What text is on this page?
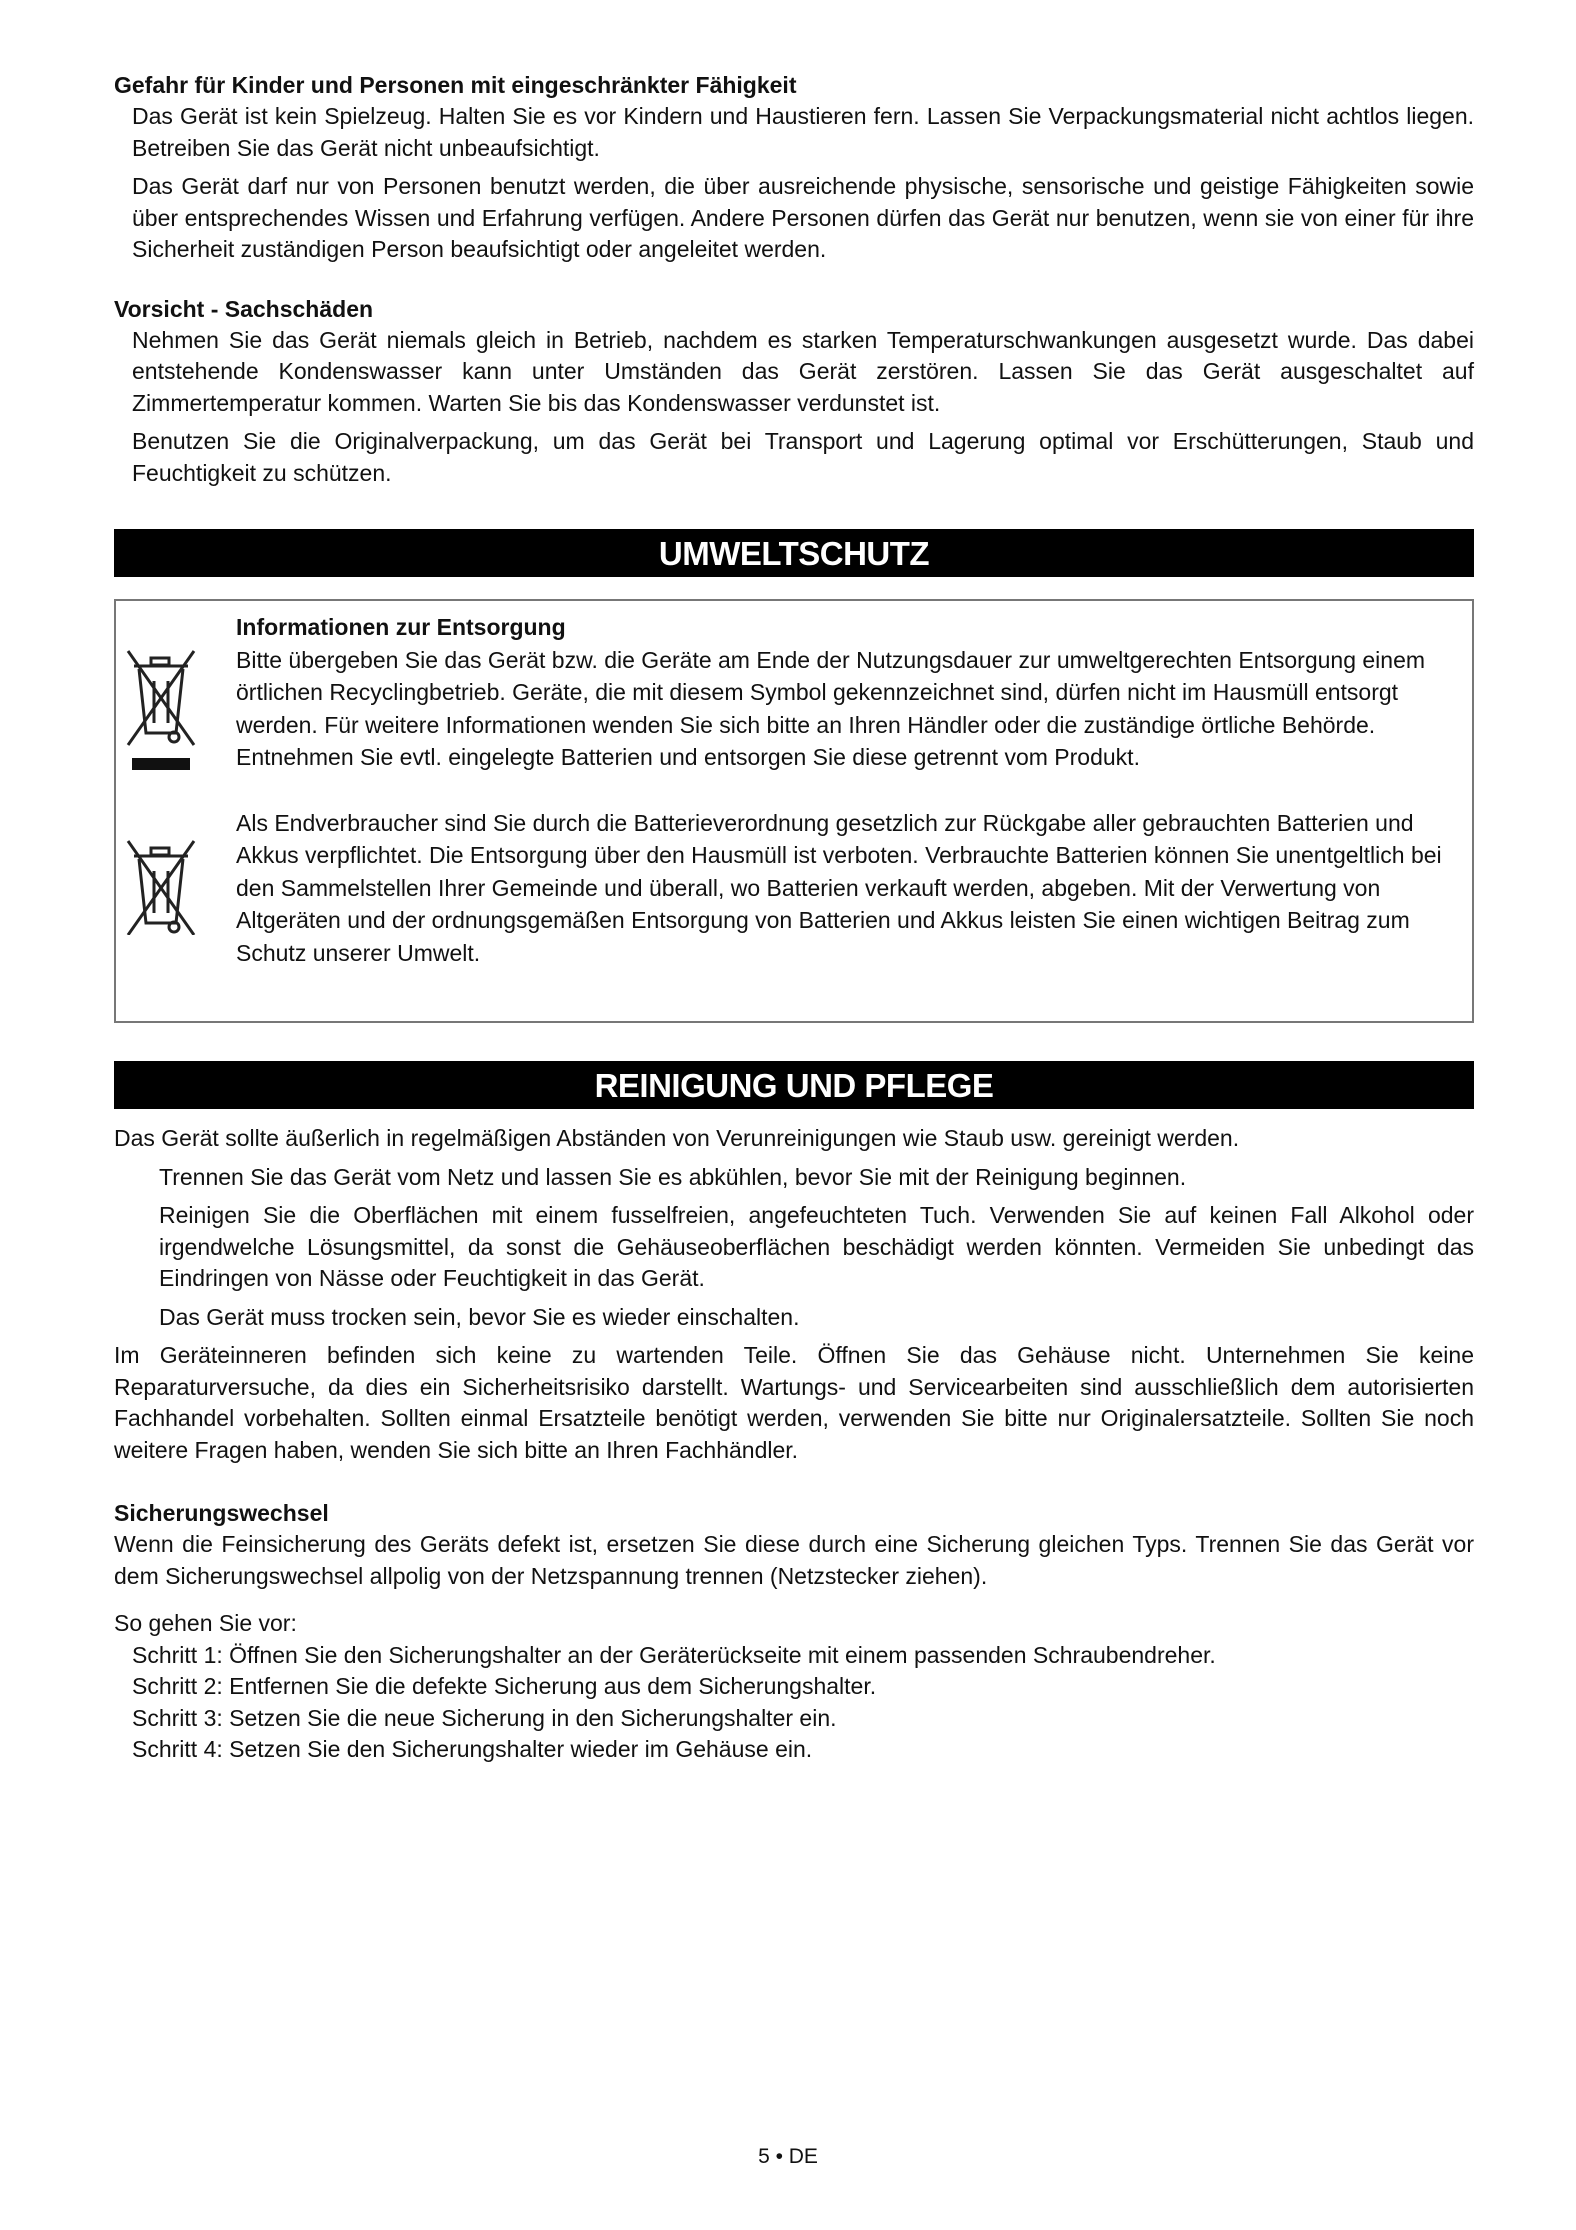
Gefahr für Kinder und Personen mit eingeschränkter Fähigkeit

Das Gerät ist kein Spielzeug. Halten Sie es vor Kindern und Haustieren fern. Lassen Sie Verpackungsmaterial nicht achtlos liegen. Betreiben Sie das Gerät nicht unbeaufsichtigt.

Das Gerät darf nur von Personen benutzt werden, die über ausreichende physische, sensorische und geistige Fähigkeiten sowie über entsprechendes Wissen und Erfahrung verfügen. Andere Personen dürfen das Gerät nur benutzen, wenn sie von einer für ihre Sicherheit zuständigen Person beaufsichtigt oder angeleitet werden.

Vorsicht - Sachschäden

Nehmen Sie das Gerät niemals gleich in Betrieb, nachdem es starken Temperaturschwankungen ausgesetzt wurde. Das dabei entstehende Kondenswasser kann unter Umständen das Gerät zerstören. Lassen Sie das Gerät ausgeschaltet auf Zimmertemperatur kommen. Warten Sie bis das Kondenswasser verdunstet ist.

Benutzen Sie die Originalverpackung, um das Gerät bei Transport und Lagerung optimal vor Erschütterungen, Staub und Feuchtigkeit zu schützen.

UMWELTSCHUTZ

Informationen zur Entsorgung

Bitte übergeben Sie das Gerät bzw. die Geräte am Ende der Nutzungsdauer zur umweltgerechten Entsorgung einem örtlichen Recyclingbetrieb. Geräte, die mit diesem Symbol gekennzeichnet sind, dürfen nicht im Hausmüll entsorgt werden. Für weitere Informationen wenden Sie sich bitte an Ihren Händler oder die zuständige örtliche Behörde. Entnehmen Sie evtl. eingelegte Batterien und entsorgen Sie diese getrennt vom Produkt.

Als Endverbraucher sind Sie durch die Batterieverordnung gesetzlich zur Rückgabe aller gebrauchten Batterien und Akkus verpflichtet. Die Entsorgung über den Hausmüll ist verboten. Verbrauchte Batterien können Sie unentgeltlich bei den Sammelstellen Ihrer Gemeinde und überall, wo Batterien verkauft werden, abgeben. Mit der Verwertung von Altgeräten und der ordnungsgemäßen Entsorgung von Batterien und Akkus leisten Sie einen wichtigen Beitrag zum Schutz unserer Umwelt.

REINIGUNG UND PFLEGE

Das Gerät sollte äußerlich in regelmäßigen Abständen von Verunreinigungen wie Staub usw. gereinigt werden.

Trennen Sie das Gerät vom Netz und lassen Sie es abkühlen, bevor Sie mit der Reinigung beginnen.

Reinigen Sie die Oberflächen mit einem fusselfreien, angefeuchteten Tuch. Verwenden Sie auf keinen Fall Alkohol oder irgendwelche Lösungsmittel, da sonst die Gehäuseoberflächen beschädigt werden könnten. Vermeiden Sie unbedingt das Eindringen von Nässe oder Feuchtigkeit in das Gerät.

Das Gerät muss trocken sein, bevor Sie es wieder einschalten.

Im Geräteinneren befinden sich keine zu wartenden Teile. Öffnen Sie das Gehäuse nicht. Unternehmen Sie keine Reparaturversuche, da dies ein Sicherheitsrisiko darstellt. Wartungs- und Servicearbeiten sind ausschließlich dem autorisierten Fachhandel vorbehalten. Sollten einmal Ersatzteile benötigt werden, verwenden Sie bitte nur Originalersatzteile. Sollten Sie noch weitere Fragen haben, wenden Sie sich bitte an Ihren Fachhändler.

Sicherungswechsel

Wenn die Feinsicherung des Geräts defekt ist, ersetzen Sie diese durch eine Sicherung gleichen Typs. Trennen Sie das Gerät vor dem Sicherungswechsel allpolig von der Netzspannung trennen (Netzstecker ziehen).

So gehen Sie vor:

Schritt 1: Öffnen Sie den Sicherungshalter an der Geräterückseite mit einem passenden Schraubendreher.

Schritt 2: Entfernen Sie die defekte Sicherung aus dem Sicherungshalter.

Schritt 3: Setzen Sie die neue Sicherung in den Sicherungshalter ein.

Schritt 4: Setzen Sie den Sicherungshalter wieder im Gehäuse ein.

5 • DE
